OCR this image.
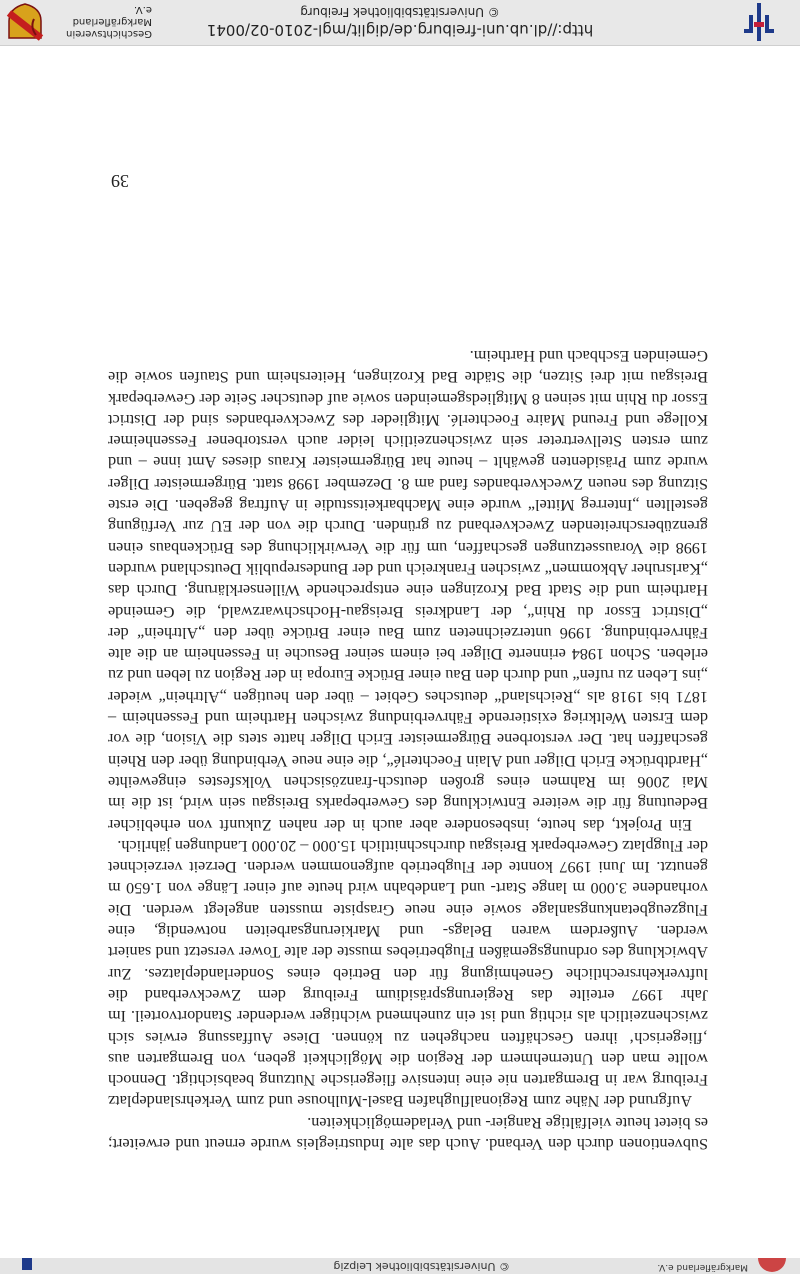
Markgräflerland e.V.
© Universitätsbibliothek Leipzig

Subventionen durch den Verband. Auch das alte Industriegleis wurde erneut und erweitert; es bietet heute vielfältige Rangier- und Verlademöglichkeiten.

Aufgrund der Nähe zum Regionalflughafen Basel-Mulhouse und zum Verkehrslandeplatz Freiburg war in Bremgarten nie eine intensive fliegerische Nutzung beabsichtigt. Dennoch wollte man den Unternehmern der Region die Möglichkeit geben, von Bremgarten aus ‚fliegerisch‘ ihren Geschäften nachgehen zu können. Diese Auffassung erwies sich zwischenzeitlich als richtig und ist ein zunehmend wichtiger werdender Standortvorteil. Im Jahr 1997 erteilte das Regierungspräsidium Freiburg dem Zweckverband die luftverkehrsrechtliche Genehmigung für den Betrieb eines Sonderlandeplatzes. Zur Abwicklung des ordnungsgemäßen Flugbetriebes musste der alte Tower versetzt und saniert werden. Außerdem waren Belags- und Markierungsarbeiten notwendig, eine Flugzeugbetankungsanlage sowie eine neue Graspiste mussten angelegt werden. Die vorhandene 3.000 m lange Start- und Landebahn wird heute auf einer Länge von 1.650 m genutzt. Im Juni 1997 konnte der Flugbetrieb aufgenommen werden. Derzeit verzeichnet der Flugplatz Gewerbepark Breisgau durchschnittlich 15.000 – 20.000 Landungen jährlich.

Ein Projekt, das heute, insbesondere aber auch in der nahen Zukunft von erheblicher Bedeutung für die weitere Entwicklung des Gewerbeparks Breisgau sein wird, ist die im Mai 2006 im Rahmen eines großen deutsch-französischen Volksfestes eingeweihte „Hardtbrücke Erich Dilger und Alain Foechterlé“, die eine neue Verbindung über den Rhein geschaffen hat. Der verstorbene Bürgermeister Erich Dilger hatte stets die Vision, die vor dem Ersten Weltkrieg existierende Fährverbindung zwischen Hartheim und Fessenheim – 1871 bis 1918 als „Reichsland“ deutsches Gebiet – über den heutigen „Altrhein“ wieder „ins Leben zu rufen“ und durch den Bau einer Brücke Europa in der Region zu leben und zu erleben. Schon 1984 erinnerte Dilger bei einem seiner Besuche in Fessenheim an die alte Fährverbindung. 1996 unterzeichneten zum Bau einer Brücke über den „Altrhein“ der „District Essor du Rhin“, der Landkreis Breisgau-Hochschwarzwald, die Gemeinde Hartheim und die Stadt Bad Krozingen eine entsprechende Willenserklärung. Durch das „Karlsruher Abkommen“ zwischen Frankreich und der Bundesrepublik Deutschland wurden 1998 die Voraussetzungen geschaffen, um für die Verwirklichung des Brückenbaus einen grenzüberschreitenden Zweckverband zu gründen. Durch die von der EU zur Verfügung gestellten „Interreg Mittel“ wurde eine Machbarkeitsstudie in Auftrag gegeben. Die erste Sitzung des neuen Zweckverbandes fand am 8. Dezember 1998 statt. Bürgermeister Dilger wurde zum Präsidenten gewählt – heute hat Bürgermeister Kraus dieses Amt inne – und zum ersten Stellvertreter sein zwischenzeitlich leider auch verstorbener Fessenheimer Kollege und Freund Maire Foechterlé. Mitglieder des Zweckverbandes sind der District Essor du Rhin mit seinen 8 Mitgliedsgemeinden sowie auf deutscher Seite der Gewerbepark Breisgau mit drei Sitzen, die Städte Bad Krozingen, Heitersheim und Staufen sowie die Gemeinden Eschbach und Hartheim.

39
http://dl.ub.uni-freiburg.de/diglit/mgl-2010-02/0041
© Universitätsbibliothek Freiburg
Geschichtsverein
Markgräflerland e.V.
